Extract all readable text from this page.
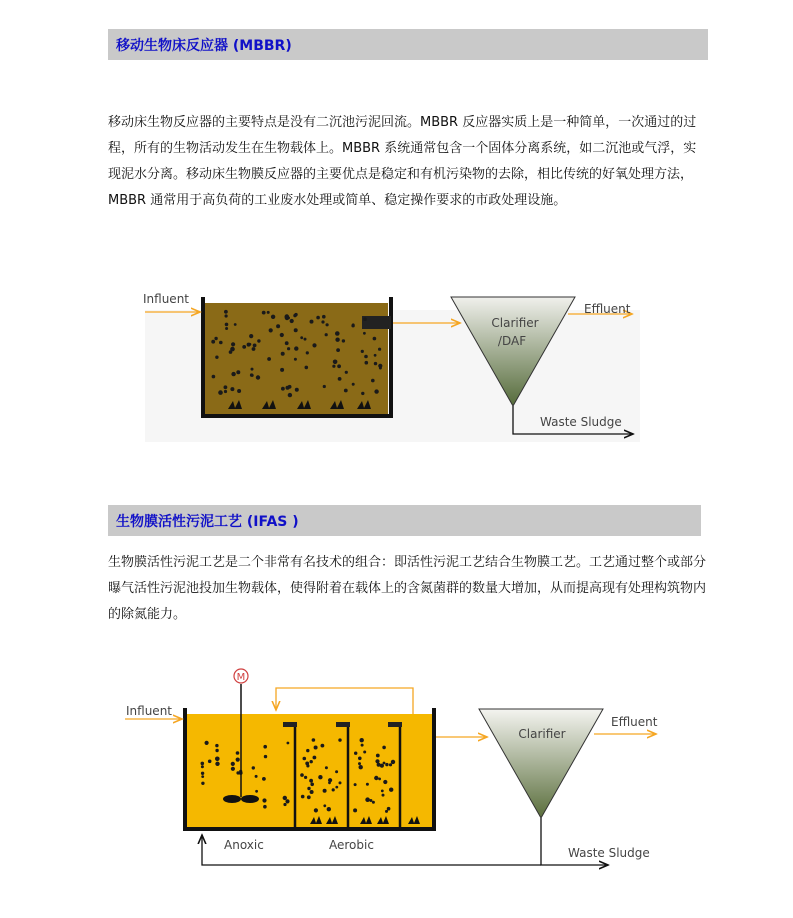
移动生物床反应器 (MBBR)

移动床生物反应器的主要特点是没有二沉池污泥回流。MBBR 反应器实质上是一种简单，一次通过的过程，所有的生物活动发生在生物载体上。MBBR 系统通常包含一个固体分离系统，如二沉池或气浮，实现泥水分离。移动床生物膜反应器的主要优点是稳定和有机污染物的去除，相比传统的好氧处理方法，MBBR 通常用于高负荷的工业废水处理或简单、稳定操作要求的市政处理设施。

生物膜活性污泥工艺 (IFAS )

生物膜活性污泥工艺是二个非常有名技术的组合：即活性污泥工艺结合生物膜工艺。工艺通过整个或部分曝气活性污泥池投加生物载体，使得附着在载体上的含氮菌群的数量大增加，从而提高现有处理构筑物内的除氮能力。

Influent
Clarifier
/DAF
Effluent
Waste Sludge
M
Influent
Clarifier
Effluent
Waste Sludge
Anoxic	Aerobic
